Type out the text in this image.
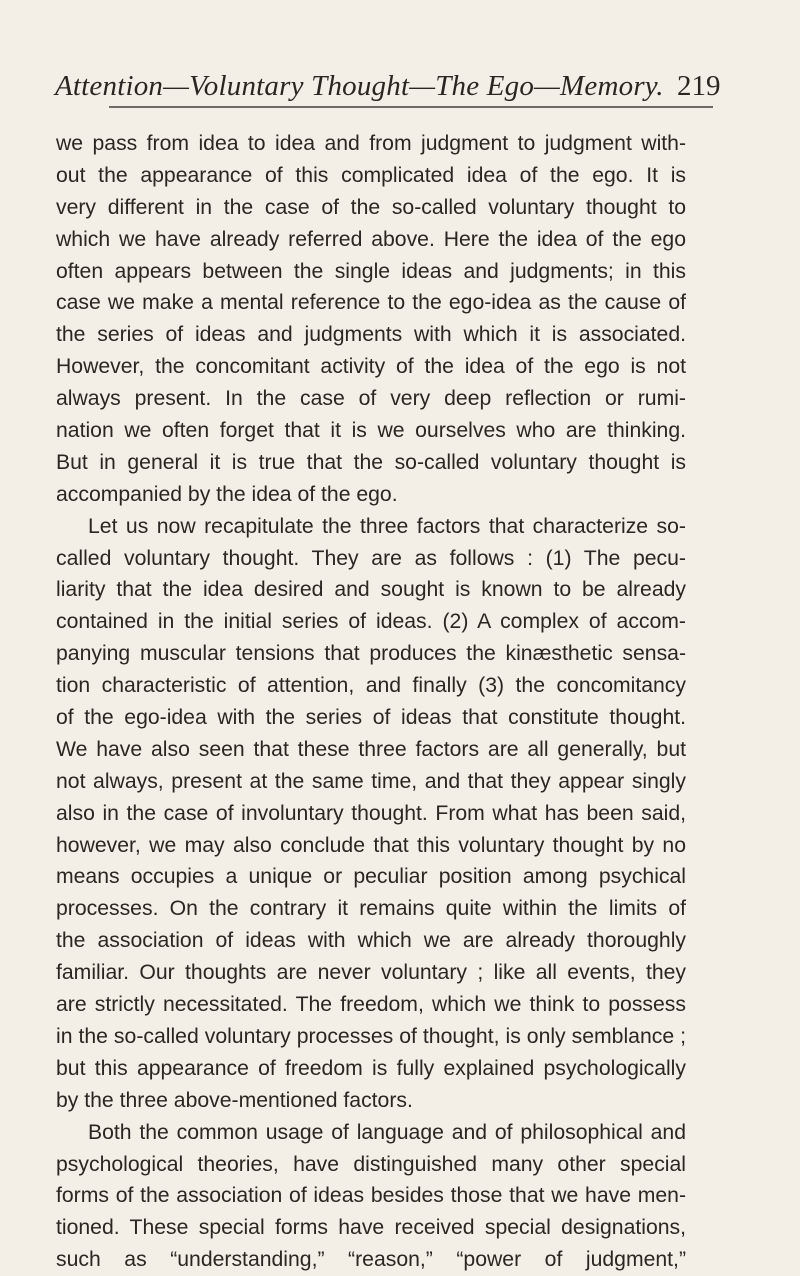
Attention—Voluntary Thought—The Ego—Memory. 219
we pass from idea to idea and from judgment to judgment with-
out the appearance of this complicated idea of the ego. It is
very different in the case of the so-called voluntary thought to
which we have already referred above. Here the idea of the ego
often appears between the single ideas and judgments; in this
case we make a mental reference to the ego-idea as the cause of
the series of ideas and judgments with which it is associated.
However, the concomitant activity of the idea of the ego is not
always present. In the case of very deep reflection or rumi-
nation we often forget that it is we ourselves who are thinking.
But in general it is true that the so-called voluntary thought is
accompanied by the idea of the ego.
Let us now recapitulate the three factors that characterize so-
called voluntary thought. They are as follows : (1) The pecu-
liarity that the idea desired and sought is known to be already
contained in the initial series of ideas. (2) A complex of accom-
panying muscular tensions that produces the kinæsthetic sensa-
tion characteristic of attention, and finally (3) the concomitancy
of the ego-idea with the series of ideas that constitute thought.
We have also seen that these three factors are all generally, but
not always, present at the same time, and that they appear singly
also in the case of involuntary thought. From what has been said,
however, we may also conclude that this voluntary thought by no
means occupies a unique or peculiar position among psychical
processes. On the contrary it remains quite within the limits of
the association of ideas with which we are already thoroughly
familiar. Our thoughts are never voluntary ; like all events, they
are strictly necessitated. The freedom, which we think to possess
in the so-called voluntary processes of thought, is only semblance ;
but this appearance of freedom is fully explained psychologically
by the three above-mentioned factors.
Both the common usage of language and of philosophical and
psychological theories, have distinguished many other special
forms of the association of ideas besides those that we have men-
tioned. These special forms have received special designations,
such as “understanding,” “reason,” “power of judgment,”
